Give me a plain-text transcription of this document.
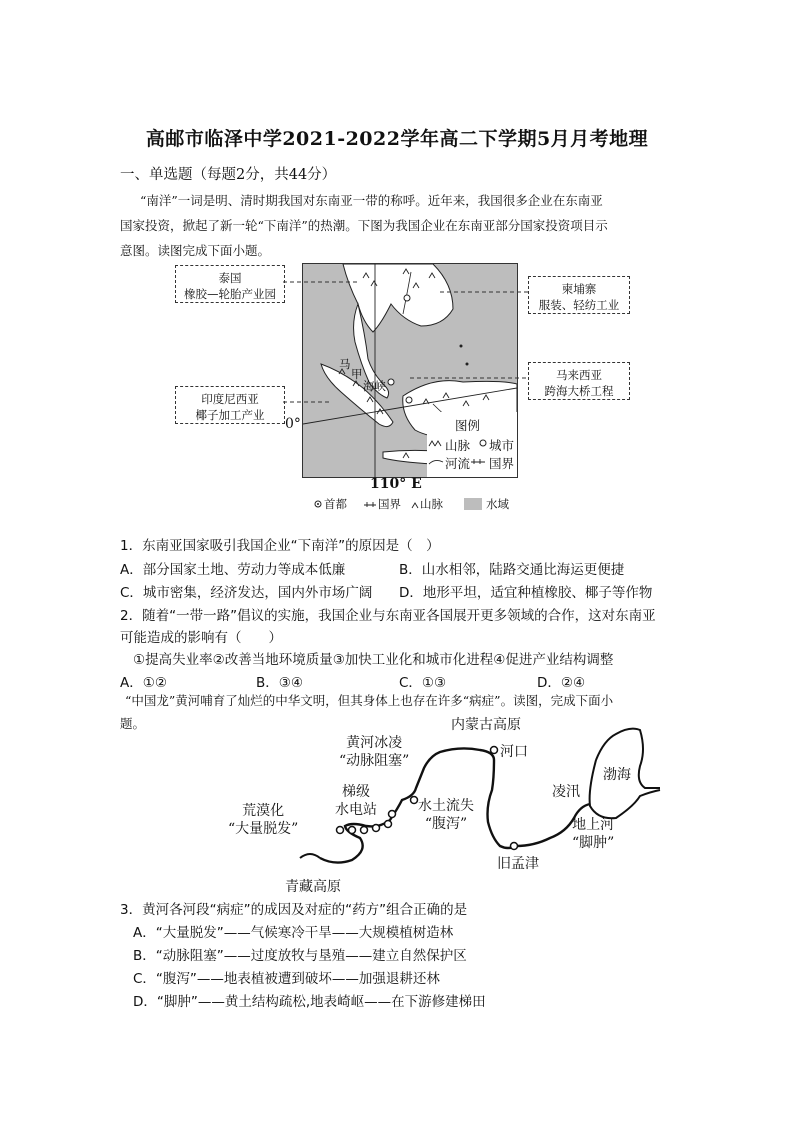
高邮市临泽中学2021-2022学年高二下学期5月月考地理
一、单选题（每题2分，共44分）
“南洋”一词是明、清时期我国对东南亚一带的称呼。近年来，我国很多企业在东南亚
国家投资，掀起了新一轮“下南洋”的热潮。下图为我国企业在东南亚部分国家投资项目示
意图。读图完成下面小题。
马
甲
海峡
图例
山脉 城市
河流 国界
泰国
橡胶—轮胎产业园	柬埔寨
服装、轻纺工业
马来西亚
跨海大桥工程
印度尼西亚
椰子加工产业
0°
110° E
首都	国界 山脉	水域
1．东南亚国家吸引我国企业“下南洋”的原因是（　）
A．部分国家土地、劳动力等成本低廉	B．山水相邻，陆路交通比海运更便捷
C．城市密集，经济发达，国内外市场广阔 D．地形平坦，适宜种植橡胶、椰子等作物
2．随着“一带一路”倡议的实施，我国企业与东南亚各国展开更多领域的合作，这对东南亚
可能造成的影响有（　　）
①提高失业率②改善当地环境质量③加快工业化和城市化进程④促进产业结构调整
A．①②	B．③④	C．①③	D．②④
“中国龙”黄河哺育了灿烂的中华文明，但其身体上也存在许多“病症”。读图，完成下面小
题。	内蒙古高原
黄河冰凌
“动脉阻塞”
河口
渤海
凌汛
梯级
水电站	水土流失
“腹泻”
荒漠化
“大量脱发”	地上河
“脚肿”
旧孟津
青藏高原
3．黄河各河段“病症”的成因及对症的“药方”组合正确的是
A．“大量脱发”——气候寒冷干旱——大规模植树造林
B．“动脉阻塞”——过度放牧与垦殖——建立自然保护区
C．“腹泻”——地表植被遭到破坏——加强退耕还林
D．“脚肿”——黄土结构疏松,地表崎岖——在下游修建梯田
